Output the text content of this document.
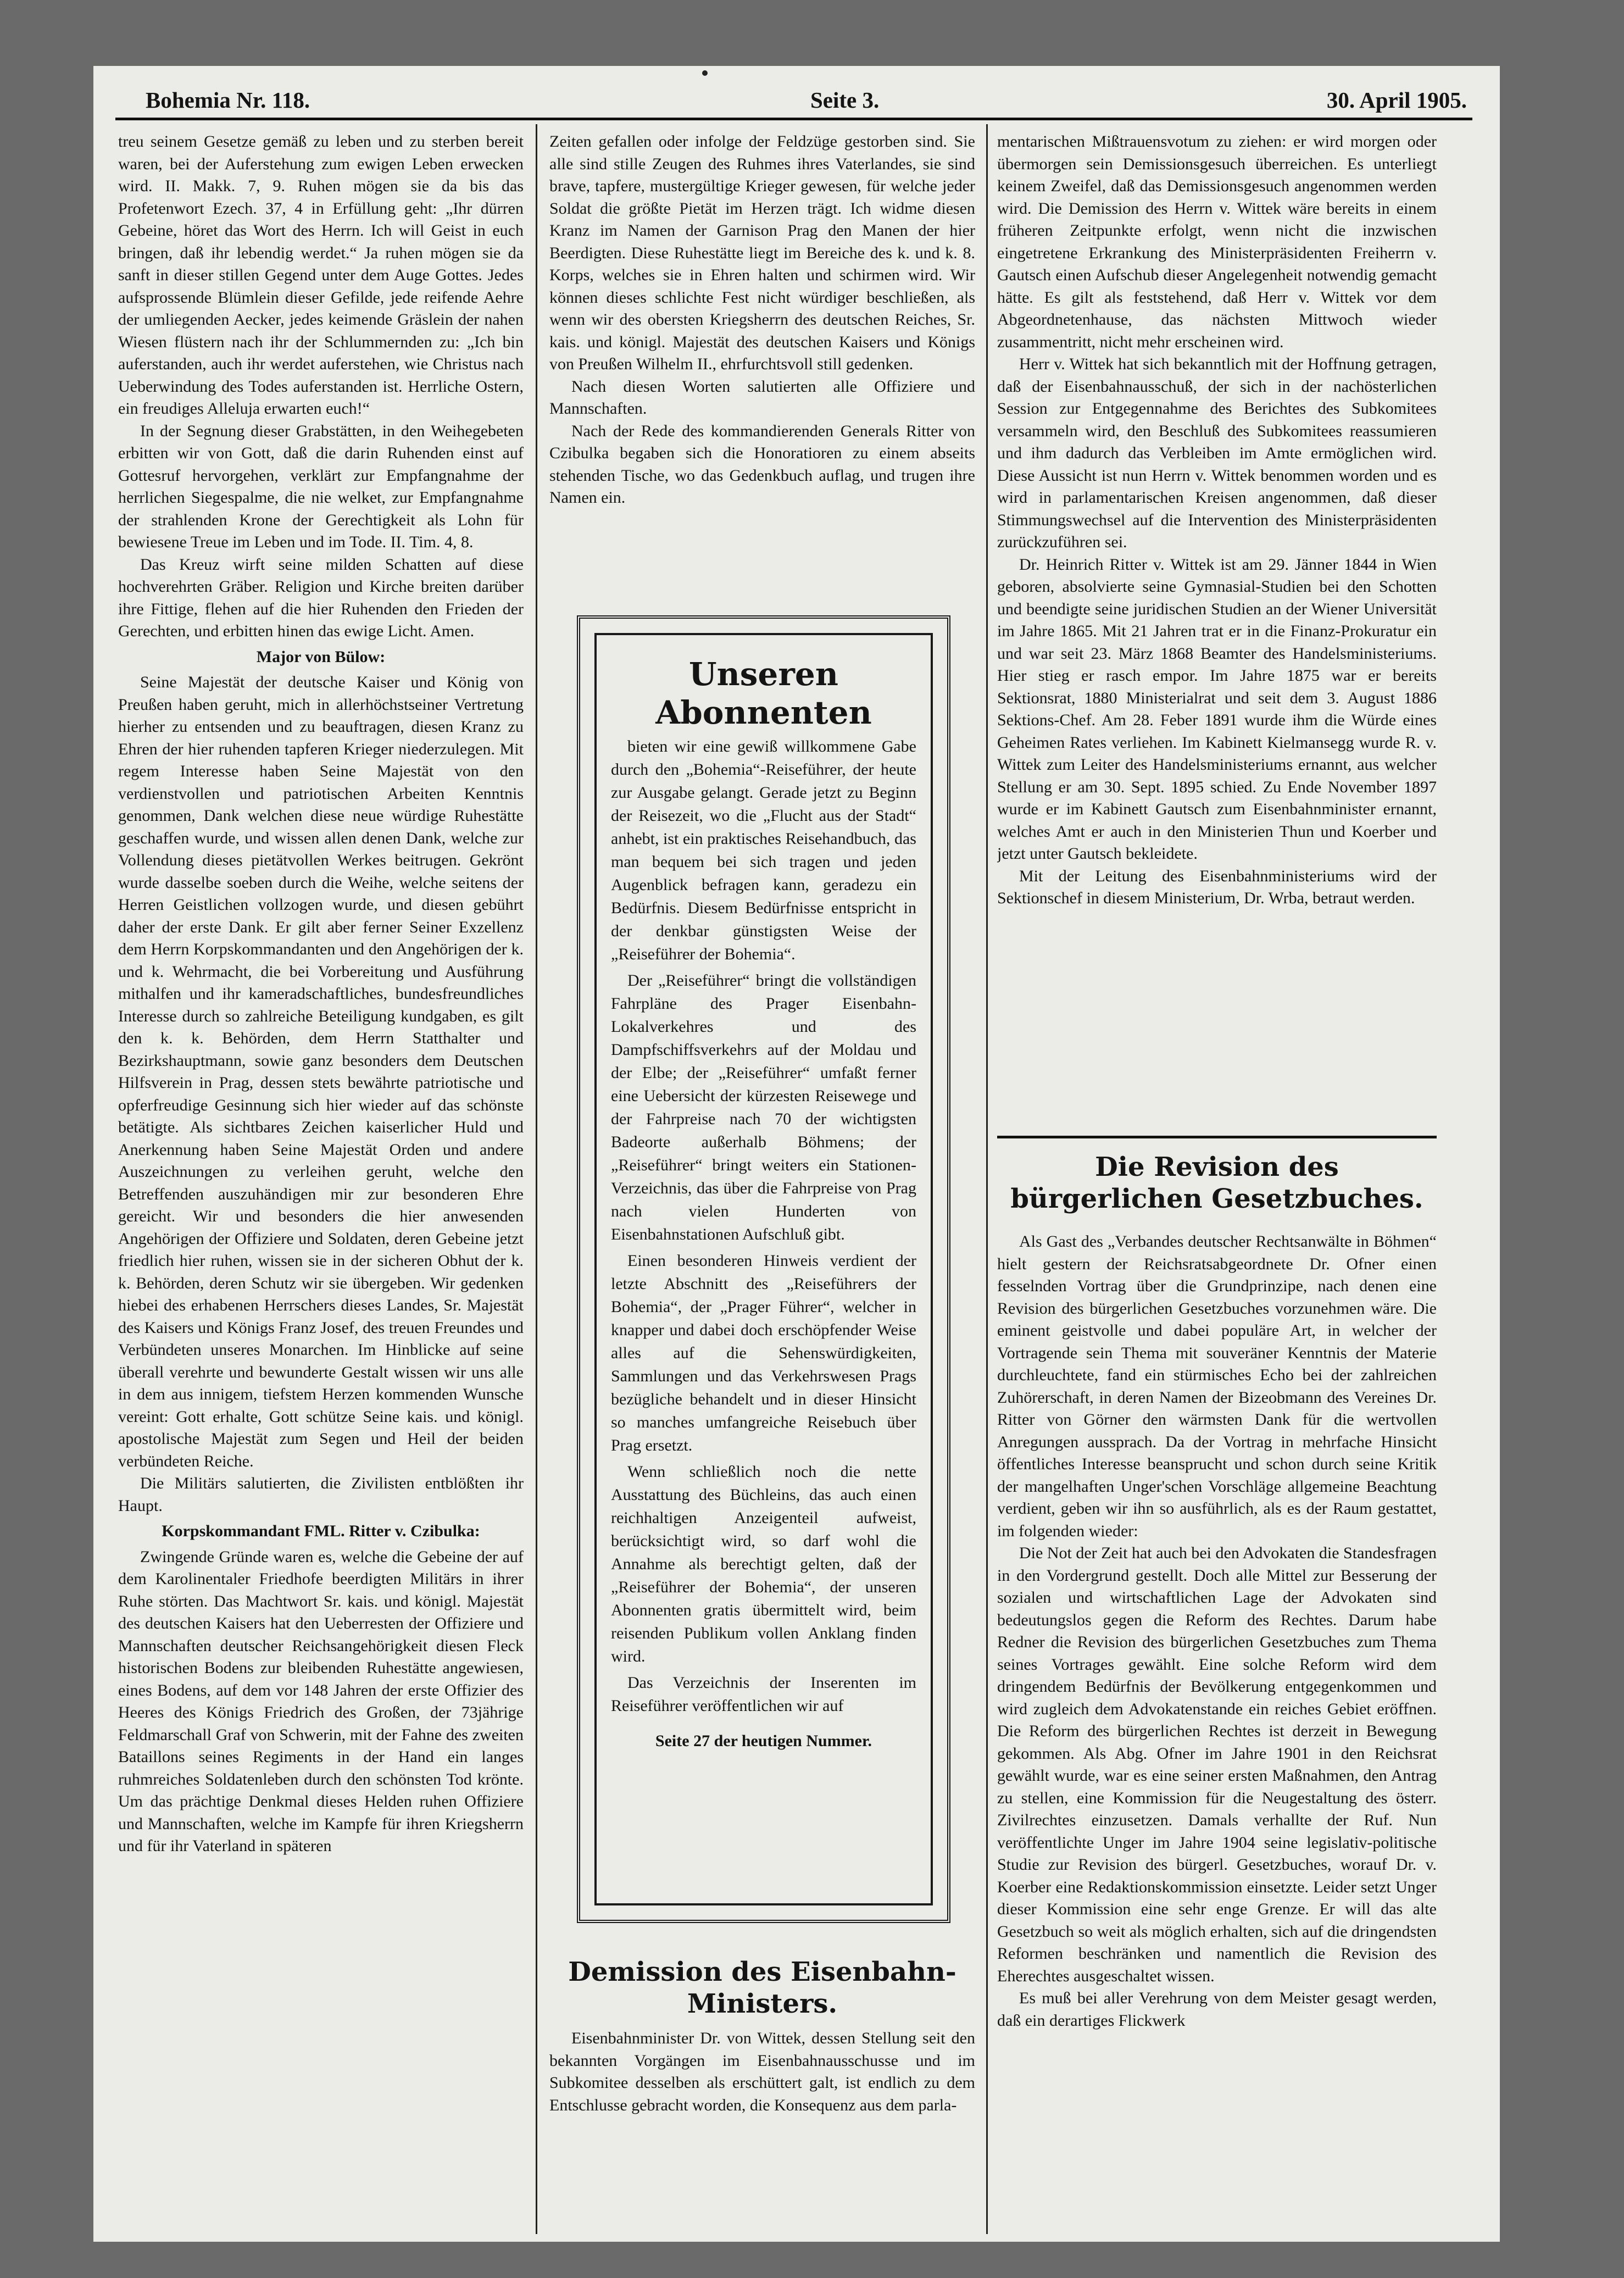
Bohemia Nr. 118.	Seite 3.	30. April 1905.

treu seinem Gesetze gemäß zu leben und zu sterben bereit waren, bei der Auferstehung zum ewigen Leben erwecken wird. II. Makk. 7, 9. Ruhen mögen sie da bis das Profetenwort Ezech. 37, 4 in Erfüllung geht: „Ihr dürren Gebeine, höret das Wort des Herrn. Ich will Geist in euch bringen, daß ihr lebendig werdet.“ Ja ruhen mögen sie da sanft in dieser stillen Gegend unter dem Auge Gottes. Jedes aufsprossende Blümlein dieser Gefilde, jede reifende Aehre der umliegenden Aecker, jedes keimende Gräslein der nahen Wiesen flüstern nach ihr der Schlummernden zu: „Ich bin auferstanden, auch ihr werdet auferstehen, wie Christus nach Ueberwindung des Todes auferstanden ist. Herrliche Ostern, ein freudiges Alleluja erwarten euch!“

In der Segnung dieser Grabstätten, in den Weihegebeten erbitten wir von Gott, daß die darin Ruhenden einst auf Gottesruf hervorgehen, verklärt zur Empfangnahme der herrlichen Siegespalme, die nie welket, zur Empfangnahme der strahlenden Krone der Gerechtigkeit als Lohn für bewiesene Treue im Leben und im Tode. II. Tim. 4, 8.

Das Kreuz wirft seine milden Schatten auf diese hochverehrten Gräber. Religion und Kirche breiten darüber ihre Fittige, flehen auf die hier Ruhenden den Frieden der Gerechten, und erbitten hinen das ewige Licht. Amen.

Major von Bülow:

Seine Majestät der deutsche Kaiser und König von Preußen haben geruht, mich in allerhöchstseiner Vertretung hierher zu entsenden und zu beauftragen, diesen Kranz zu Ehren der hier ruhenden tapferen Krieger niederzulegen. Mit regem Interesse haben Seine Majestät von den verdienstvollen und patriotischen Arbeiten Kenntnis genommen, Dank welchen diese neue würdige Ruhestätte geschaffen wurde, und wissen allen denen Dank, welche zur Vollendung dieses pietätvollen Werkes beitrugen. Gekrönt wurde dasselbe soeben durch die Weihe, welche seitens der Herren Geistlichen vollzogen wurde, und diesen gebührt daher der erste Dank. Er gilt aber ferner Seiner Exzellenz dem Herrn Korpskommandanten und den Angehörigen der k. und k. Wehrmacht, die bei Vorbereitung und Ausführung mithalfen und ihr kameradschaftliches, bundesfreundliches Interesse durch so zahlreiche Beteiligung kundgaben, es gilt den k. k. Behörden, dem Herrn Statthalter und Bezirkshauptmann, sowie ganz besonders dem Deutschen Hilfsverein in Prag, dessen stets bewährte patriotische und opferfreudige Gesinnung sich hier wieder auf das schönste betätigte. Als sichtbares Zeichen kaiserlicher Huld und Anerkennung haben Seine Majestät Orden und andere Auszeichnungen zu verleihen geruht, welche den Betreffenden auszuhändigen mir zur besonderen Ehre gereicht. Wir und besonders die hier anwesenden Angehörigen der Offiziere und Soldaten, deren Gebeine jetzt friedlich hier ruhen, wissen sie in der sicheren Obhut der k. k. Behörden, deren Schutz wir sie übergeben. Wir gedenken hiebei des erhabenen Herrschers dieses Landes, Sr. Majestät des Kaisers und Königs Franz Josef, des treuen Freundes und Verbündeten unseres Monarchen. Im Hinblicke auf seine überall verehrte und bewunderte Gestalt wissen wir uns alle in dem aus innigem, tiefstem Herzen kommenden Wunsche vereint: Gott erhalte, Gott schütze Seine kais. und königl. apostolische Majestät zum Segen und Heil der beiden verbündeten Reiche.

Die Militärs salutierten, die Zivilisten entblößten ihr Haupt.

Korpskommandant FML. Ritter v. Czibulka:

Zwingende Gründe waren es, welche die Gebeine der auf dem Karolinentaler Friedhofe beerdigten Militärs in ihrer Ruhe störten. Das Machtwort Sr. kais. und königl. Majestät des deutschen Kaisers hat den Ueberresten der Offiziere und Mannschaften deutscher Reichsangehörigkeit diesen Fleck historischen Bodens zur bleibenden Ruhestätte angewiesen, eines Bodens, auf dem vor 148 Jahren der erste Offizier des Heeres des Königs Friedrich des Großen, der 73jährige Feldmarschall Graf von Schwerin, mit der Fahne des zweiten Bataillons seines Regiments in der Hand ein langes ruhmreiches Soldatenleben durch den schönsten Tod krönte. Um das prächtige Denkmal dieses Helden ruhen Offiziere und Mannschaften, welche im Kampfe für ihren Kriegsherrn und für ihr Vaterland in späteren

Zeiten gefallen oder infolge der Feldzüge gestorben sind. Sie alle sind stille Zeugen des Ruhmes ihres Vaterlandes, sie sind brave, tapfere, mustergültige Krieger gewesen, für welche jeder Soldat die größte Pietät im Herzen trägt. Ich widme diesen Kranz im Namen der Garnison Prag den Manen der hier Beerdigten. Diese Ruhestätte liegt im Bereiche des k. und k. 8. Korps, welches sie in Ehren halten und schirmen wird. Wir können dieses schlichte Fest nicht würdiger beschließen, als wenn wir des obersten Kriegsherrn des deutschen Reiches, Sr. kais. und königl. Majestät des deutschen Kaisers und Königs von Preußen Wilhelm II., ehrfurchtsvoll still gedenken.

Nach diesen Worten salutierten alle Offiziere und Mannschaften.

Nach der Rede des kommandierenden Generals Ritter von Czibulka begaben sich die Honoratioren zu einem abseits stehenden Tische, wo das Gedenkbuch auflag, und trugen ihre Namen ein.

Unseren Abonnenten

bieten wir eine gewiß willkommene Gabe durch den „Bohemia“-Reiseführer, der heute zur Ausgabe gelangt. Gerade jetzt zu Beginn der Reisezeit, wo die „Flucht aus der Stadt“ anhebt, ist ein praktisches Reisehandbuch, das man bequem bei sich tragen und jeden Augenblick befragen kann, geradezu ein Bedürfnis. Diesem Bedürfnisse entspricht in der denkbar günstigsten Weise der „Reiseführer der Bohemia“.

Der „Reiseführer“ bringt die vollständigen Fahrpläne des Prager Eisenbahn-Lokalverkehres und des Dampfschiffsverkehrs auf der Moldau und der Elbe; der „Reiseführer“ umfaßt ferner eine Uebersicht der kürzesten Reisewege und der Fahrpreise nach 70 der wichtigsten Badeorte außerhalb Böhmens; der „Reiseführer“ bringt weiters ein Stationen-Verzeichnis, das über die Fahrpreise von Prag nach vielen Hunderten von Eisenbahnstationen Aufschluß gibt.

Einen besonderen Hinweis verdient der letzte Abschnitt des „Reiseführers der Bohemia“, der „Prager Führer“, welcher in knapper und dabei doch erschöpfender Weise alles auf die Sehenswürdigkeiten, Sammlungen und das Verkehrswesen Prags bezügliche behandelt und in dieser Hinsicht so manches umfangreiche Reisebuch über Prag ersetzt.

Wenn schließlich noch die nette Ausstattung des Büchleins, das auch einen reichhaltigen Anzeigenteil aufweist, berücksichtigt wird, so darf wohl die Annahme als berechtigt gelten, daß der „Reiseführer der Bohemia“, der unseren Abonnenten gratis übermittelt wird, beim reisenden Publikum vollen Anklang finden wird.

Das Verzeichnis der Inserenten im Reiseführer veröffentlichen wir auf

Seite 27 der heutigen Nummer.

Demission des Eisenbahn-Ministers.

Eisenbahnminister Dr. von Wittek, dessen Stellung seit den bekannten Vorgängen im Eisenbahnausschusse und im Subkomitee desselben als erschüttert galt, ist endlich zu dem Entschlusse gebracht worden, die Konsequenz aus dem parla-

mentarischen Mißtrauensvotum zu ziehen: er wird morgen oder übermorgen sein Demissionsgesuch überreichen. Es unterliegt keinem Zweifel, daß das Demissionsgesuch angenommen werden wird. Die Demission des Herrn v. Wittek wäre bereits in einem früheren Zeitpunkte erfolgt, wenn nicht die inzwischen eingetretene Erkrankung des Ministerpräsidenten Freiherrn v. Gautsch einen Aufschub dieser Angelegenheit notwendig gemacht hätte. Es gilt als feststehend, daß Herr v. Wittek vor dem Abgeordnetenhause, das nächsten Mittwoch wieder zusammentritt, nicht mehr erscheinen wird.

Herr v. Wittek hat sich bekanntlich mit der Hoffnung getragen, daß der Eisenbahnausschuß, der sich in der nachösterlichen Session zur Entgegennahme des Berichtes des Subkomitees versammeln wird, den Beschluß des Subkomitees reassumieren und ihm dadurch das Verbleiben im Amte ermöglichen wird. Diese Aussicht ist nun Herrn v. Wittek benommen worden und es wird in parlamentarischen Kreisen angenommen, daß dieser Stimmungswechsel auf die Intervention des Ministerpräsidenten zurückzuführen sei.

Dr. Heinrich Ritter v. Wittek ist am 29. Jänner 1844 in Wien geboren, absolvierte seine Gymnasial-Studien bei den Schotten und beendigte seine juridischen Studien an der Wiener Universität im Jahre 1865. Mit 21 Jahren trat er in die Finanz-Prokuratur ein und war seit 23. März 1868 Beamter des Handelsministeriums. Hier stieg er rasch empor. Im Jahre 1875 war er bereits Sektionsrat, 1880 Ministerialrat und seit dem 3. August 1886 Sektions-Chef. Am 28. Feber 1891 wurde ihm die Würde eines Geheimen Rates verliehen. Im Kabinett Kielmansegg wurde R. v. Wittek zum Leiter des Handelsministeriums ernannt, aus welcher Stellung er am 30. Sept. 1895 schied. Zu Ende November 1897 wurde er im Kabinett Gautsch zum Eisenbahnminister ernannt, welches Amt er auch in den Ministerien Thun und Koerber und jetzt unter Gautsch bekleidete.

Mit der Leitung des Eisenbahnministeriums wird der Sektionschef in diesem Ministerium, Dr. Wrba, betraut werden.

Die Revision des bürgerlichen Gesetzbuches.

Als Gast des „Verbandes deutscher Rechtsanwälte in Böhmen“ hielt gestern der Reichsratsabgeordnete Dr. Ofner einen fesselnden Vortrag über die Grundprinzipe, nach denen eine Revision des bürgerlichen Gesetzbuches vorzunehmen wäre. Die eminent geistvolle und dabei populäre Art, in welcher der Vortragende sein Thema mit souveräner Kenntnis der Materie durchleuchtete, fand ein stürmisches Echo bei der zahlreichen Zuhörerschaft, in deren Namen der Bizeobmann des Vereines Dr. Ritter von Görner den wärmsten Dank für die wertvollen Anregungen aussprach. Da der Vortrag in mehrfache Hinsicht öffentliches Interesse beansprucht und schon durch seine Kritik der mangelhaften Unger'schen Vorschläge allgemeine Beachtung verdient, geben wir ihn so ausführlich, als es der Raum gestattet, im folgenden wieder:

Die Not der Zeit hat auch bei den Advokaten die Standesfragen in den Vordergrund gestellt. Doch alle Mittel zur Besserung der sozialen und wirtschaftlichen Lage der Advokaten sind bedeutungslos gegen die Reform des Rechtes. Darum habe Redner die Revision des bürgerlichen Gesetzbuches zum Thema seines Vortrages gewählt. Eine solche Reform wird dem dringendem Bedürfnis der Bevölkerung entgegenkommen und wird zugleich dem Advokatenstande ein reiches Gebiet eröffnen. Die Reform des bürgerlichen Rechtes ist derzeit in Bewegung gekommen. Als Abg. Ofner im Jahre 1901 in den Reichsrat gewählt wurde, war es eine seiner ersten Maßnahmen, den Antrag zu stellen, eine Kommission für die Neugestaltung des österr. Zivilrechtes einzusetzen. Damals verhallte der Ruf. Nun veröffentlichte Unger im Jahre 1904 seine legislativ-politische Studie zur Revision des bürgerl. Gesetzbuches, worauf Dr. v. Koerber eine Redaktionskommission einsetzte. Leider setzt Unger dieser Kommission eine sehr enge Grenze. Er will das alte Gesetzbuch so weit als möglich erhalten, sich auf die dringendsten Reformen beschränken und namentlich die Revision des Eherechtes ausgeschaltet wissen.

Es muß bei aller Verehrung von dem Meister gesagt werden, daß ein derartiges Flickwerk
